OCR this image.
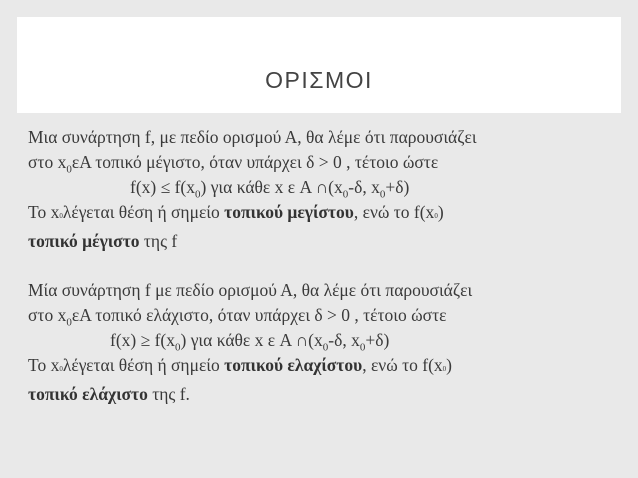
ΟΡΙΣΜΟΙ
Μια συνάρτηση f, με πεδίο ορισμού Α, θα λέμε ότι παρουσιάζει
στο $x_0\varepsilon A$ τοπικό μέγιστο, όταν υπάρχει δ > 0 , τέτοιο ώστε
$f(x) \le f(x_0)$ για κάθε x ε A $\cap(x_0-\delta$, $x_0+\delta$)
Το x0λέγεται θέση ή σημείο τοπικού μεγίστου, ενώ το f(x0)
τοπικό μέγιστο της f
Μία συνάρτηση f με πεδίο ορισμού Α, θα λέμε ότι παρουσιάζει
στο $x_0\varepsilon A$ τοπικό ελάχιστο, όταν υπάρχει δ > 0 , τέτοιο ώστε
$f(x) \ge f(x_0)$ για κάθε x ε A $\cap(x_0-\delta$, $x_0+\delta$)
Το x0λέγεται θέση ή σημείο τοπικού ελαχίστου, ενώ το f(x0)
τοπικό ελάχιστο της f.
